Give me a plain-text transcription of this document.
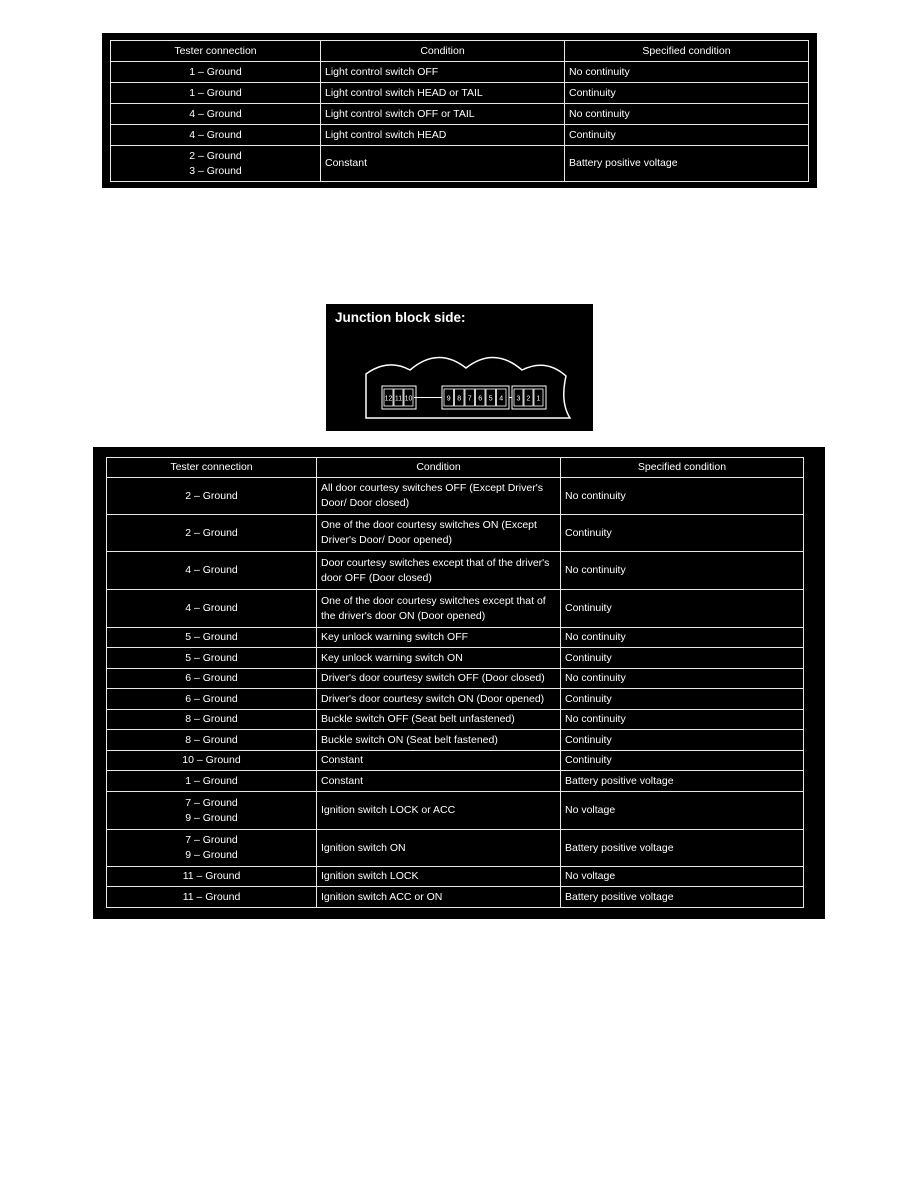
Tester connection	Condition	Specified condition

1 – Ground	Light control switch OFF	No continuity

1 – Ground	Light control switch HEAD or TAIL	Continuity

4 – Ground	Light control switch OFF or TAIL	No continuity

4 – Ground	Light control switch HEAD	Continuity

2 – Ground
3 – Ground	Constant	Battery positive voltage
Junction block side:
12 11 10	9 8 7 6 5 4 3 2 1
Tester connection	Condition	Specified condition

2 – Ground	All door courtesy switches OFF (Except Driver's Door/ Door closed)	No continuity

2 – Ground	One of the door courtesy switches ON (Except Driver's Door/ Door opened)	Continuity

4 – Ground	Door courtesy switches except that of the driver's door OFF (Door closed)	No continuity

4 – Ground	One of the door courtesy switches except that of the driver's door ON (Door opened)	Continuity

5 – Ground	Key unlock warning switch OFF	No continuity

5 – Ground	Key unlock warning switch ON	Continuity

6 – Ground	Driver's door courtesy switch OFF (Door closed)	No continuity

6 – Ground	Driver's door courtesy switch ON (Door opened)	Continuity

8 – Ground	Buckle switch OFF (Seat belt unfastened)	No continuity

8 – Ground	Buckle switch ON (Seat belt fastened)	Continuity

10 – Ground	Constant	Continuity

1 – Ground	Constant	Battery positive voltage

7 – Ground
9 – Ground	Ignition switch LOCK or ACC	No voltage

7 – Ground
9 – Ground	Ignition switch ON	Battery positive voltage

11 – Ground	Ignition switch LOCK	No voltage

11 – Ground	Ignition switch ACC or ON	Battery positive voltage
